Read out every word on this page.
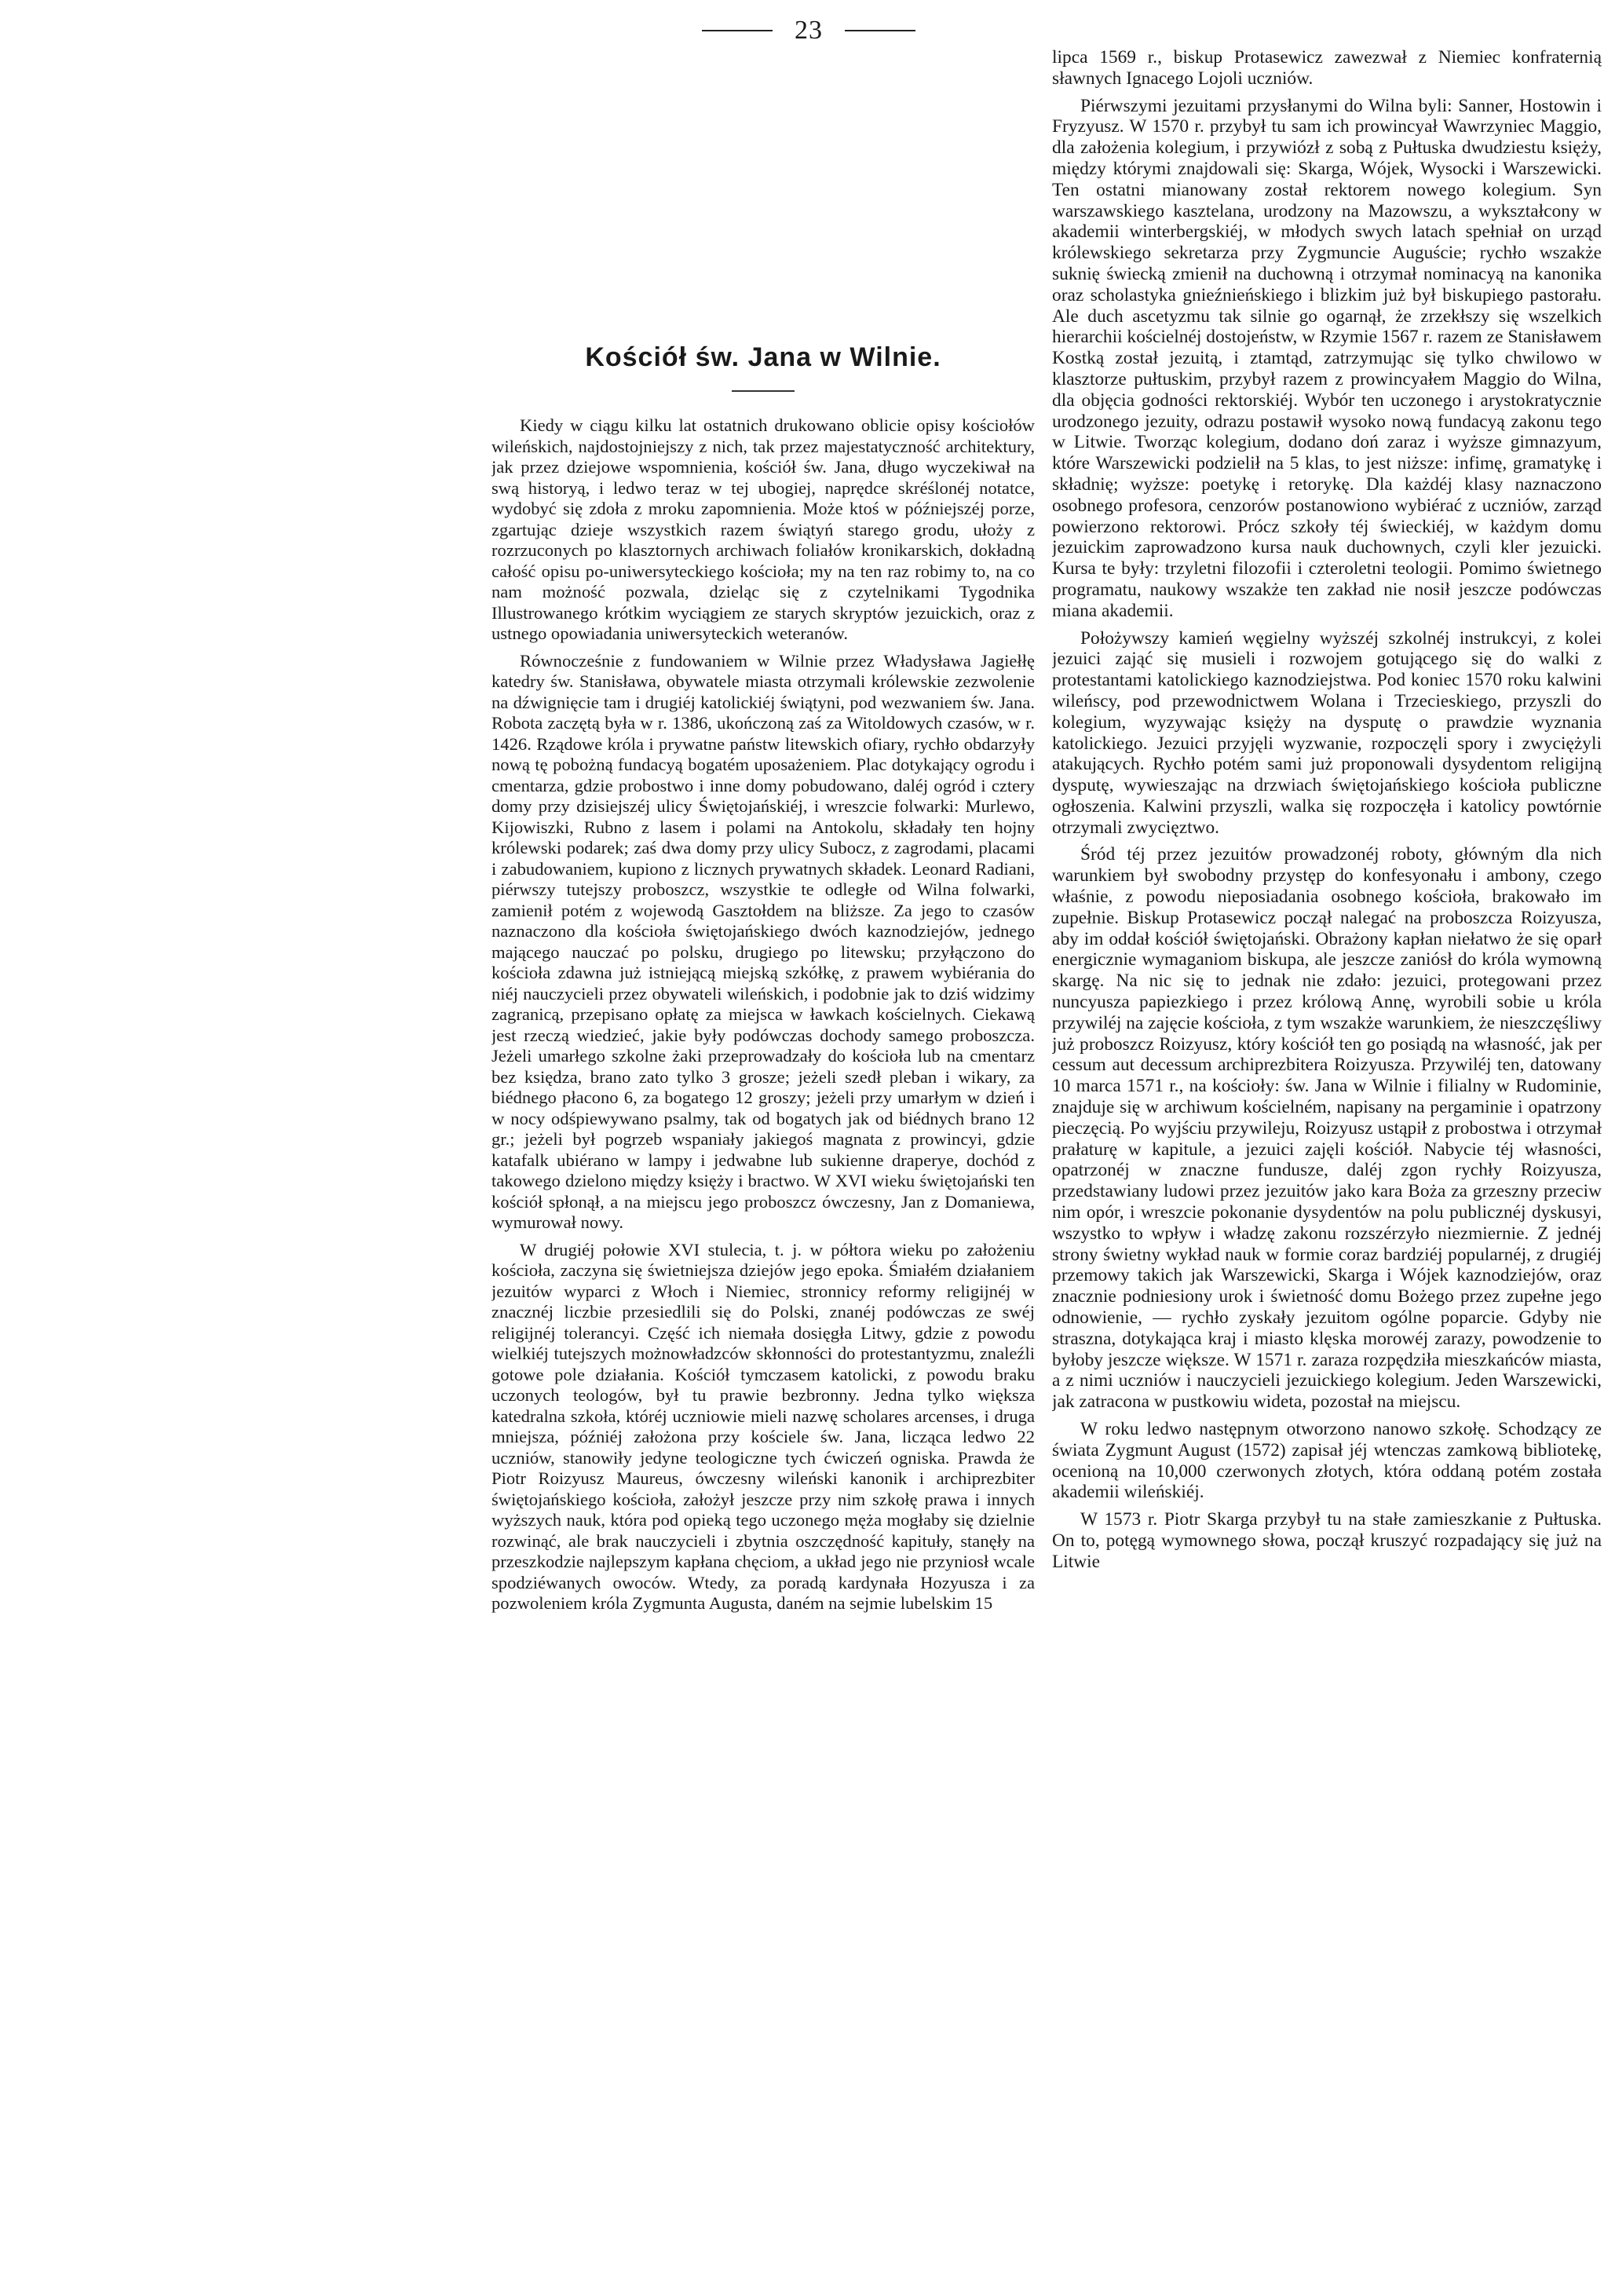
23
Kościół św. Jana w Wilnie.

Kiedy w ciągu kilku lat ostatnich drukowano oblicie opisy kościołów wileńskich, najdostojniejszy z nich, tak przez majestatyczność architektury, jak przez dziejowe wspomnienia, kościół św. Jana, długo wyczekiwał na swą historyą, i ledwo teraz w tej ubogiej, naprędce skréślonéj notatce, wydobyć się zdoła z mroku zapomnienia. Może ktoś w późniejszéj porze, zgartując dzieje wszystkich razem świątyń starego grodu, ułoży z rozrzuconych po klasztornych archiwach foliałów kronikarskich, dokładną całość opisu po-uniwersyteckiego kościoła; my na ten raz robimy to, na co nam możność pozwala, dzieląc się z czytelnikami Tygodnika Illustrowanego krótkim wyciągiem ze starych skryptów jezuickich, oraz z ustnego opowiadania uniwersyteckich weteranów.

Równocześnie z fundowaniem w Wilnie przez Władysława Jagiełłę katedry św. Stanisława, obywatele miasta otrzymali królewskie zezwolenie na dźwignięcie tam i drugiéj katolickiéj świątyni, pod wezwaniem św. Jana. Robota zaczętą była w r. 1386, ukończoną zaś za Witoldowych czasów, w r. 1426. Rządowe króla i prywatne państw litewskich ofiary, rychło obdarzyły nową tę pobożną fundacyą bogatém uposażeniem. Plac dotykający ogrodu i cmentarza, gdzie probostwo i inne domy pobudowano, daléj ogród i cztery domy przy dzisiejszéj ulicy Świętojańskiéj, i wreszcie folwarki: Murlewo, Kijowiszki, Rubno z lasem i polami na Antokolu, składały ten hojny królewski podarek; zaś dwa domy przy ulicy Subocz, z zagrodami, placami i zabudowaniem, kupiono z licznych prywatnych składek. Leonard Radiani, piérwszy tutejszy proboszcz, wszystkie te odległe od Wilna folwarki, zamienił potém z wojewodą Gasztołdem na bliższe. Za jego to czasów naznaczono dla kościoła świętojańskiego dwóch kaznodziejów, jednego mającego nauczać po polsku, drugiego po litewsku; przyłączono do kościoła zdawna już istniejącą miejską szkółkę, z prawem wybiérania do niéj nauczycieli przez obywateli wileńskich, i podobnie jak to dziś widzimy zagranicą, przepisano opłatę za miejsca w ławkach kościelnych. Ciekawą jest rzeczą wiedzieć, jakie były podówczas dochody samego proboszcza. Jeżeli umarłego szkolne żaki przeprowadzały do kościoła lub na cmentarz bez księdza, brano zato tylko 3 grosze; jeżeli szedł pleban i wikary, za biédnego płacono 6, za bogatego 12 groszy; jeżeli przy umarłym w dzień i w nocy odśpiewywano psalmy, tak od bogatych jak od biédnych brano 12 gr.; jeżeli był pogrzeb wspaniały jakiegoś magnata z prowincyi, gdzie katafalk ubiérano w lampy i jedwabne lub sukienne draperye, dochód z takowego dzielono między księży i bractwo. W XVI wieku świętojański ten kościół spłonął, a na miejscu jego proboszcz ówczesny, Jan z Domaniewa, wymurował nowy.

W drugiéj połowie XVI stulecia, t. j. w półtora wieku po założeniu kościoła, zaczyna się świetniejsza dziejów jego epoka. Śmiałém działaniem jezuitów wyparci z Włoch i Niemiec, stronnicy reformy religijnéj w znacznéj liczbie przesiedlili się do Polski, znanéj podówczas ze swéj religijnéj tolerancyi. Część ich niemała dosięgła Litwy, gdzie z powodu wielkiéj tutejszych możnowładzców skłonności do protestantyzmu, znaleźli gotowe pole działania. Kościół tymczasem katolicki, z powodu braku uczonych teologów, był tu prawie bezbronny. Jedna tylko większa katedralna szkoła, któréj uczniowie mieli nazwę scholares arcenses, i druga mniejsza, późniéj założona przy kościele św. Jana, licząca ledwo 22 uczniów, stanowiły jedyne teologiczne tych ćwiczeń ogniska. Prawda że Piotr Roizyusz Maureus, ówczesny wileński kanonik i archiprezbiter świętojańskiego kościoła, założył jeszcze przy nim szkołę prawa i innych wyższych nauk, która pod opieką tego uczonego męża mogłaby się dzielnie rozwinąć, ale brak nauczycieli i zbytnia oszczędność kapituły, stanęły na przeszkodzie najlepszym kapłana chęciom, a układ jego nie przyniosł wcale spodziéwanych owoców. Wtedy, za poradą kardynała Hozyusza i za pozwoleniem króla Zygmunta Augusta, daném na sejmie lubelskim 15

lipca 1569 r., biskup Protasewicz zawezwał z Niemiec konfraternią sławnych Ignacego Lojoli uczniów.

Piérwszymi jezuitami przysłanymi do Wilna byli: Sanner, Hostowin i Fryzyusz. W 1570 r. przybył tu sam ich prowincyał Wawrzyniec Maggio, dla założenia kolegium, i przywiózł z sobą z Pułtuska dwudziestu księży, między którymi znajdowali się: Skarga, Wójek, Wysocki i Warszewicki. Ten ostatni mianowany został rektorem nowego kolegium. Syn warszawskiego kasztelana, urodzony na Mazowszu, a wykształcony w akademii winterbergskiéj, w młodych swych latach spełniał on urząd królewskiego sekretarza przy Zygmuncie Auguście; rychło wszakże suknię świecką zmienił na duchowną i otrzymał nominacyą na kanonika oraz scholastyka gnieźnieńskiego i blizkim już był biskupiego pastorału. Ale duch ascetyzmu tak silnie go ogarnął, że zrzekłszy się wszelkich hierarchii kościelnéj dostojeństw, w Rzymie 1567 r. razem ze Stanisławem Kostką został jezuitą, i ztamtąd, zatrzymując się tylko chwilowo w klasztorze pułtuskim, przybył razem z prowincyałem Maggio do Wilna, dla objęcia godności rektorskiéj. Wybór ten uczonego i arystokratycznie urodzonego jezuity, odrazu postawił wysoko nową fundacyą zakonu tego w Litwie. Tworząc kolegium, dodano doń zaraz i wyższe gimnazyum, które Warszewicki podzielił na 5 klas, to jest niższe: infimę, gramatykę i składnię; wyższe: poetykę i retorykę. Dla każdéj klasy naznaczono osobnego profesora, cenzorów postanowiono wybiérać z uczniów, zarząd powierzono rektorowi. Prócz szkoły téj świeckiéj, w każdym domu jezuickim zaprowadzono kursa nauk duchownych, czyli kler jezuicki. Kursa te były: trzyletni filozofii i czteroletni teologii. Pomimo świetnego programatu, naukowy wszakże ten zakład nie nosił jeszcze podówczas miana akademii.

Położywszy kamień węgielny wyższéj szkolnéj instrukcyi, z kolei jezuici zająć się musieli i rozwojem gotującego się do walki z protestantami katolickiego kaznodziejstwa. Pod koniec 1570 roku kalwini wileńscy, pod przewodnictwem Wolana i Trzecieskiego, przyszli do kolegium, wyzywając księży na dysputę o prawdzie wyznania katolickiego. Jezuici przyjęli wyzwanie, rozpoczęli spory i zwyciężyli atakujących. Rychło potém sami już proponowali dysydentom religijną dysputę, wywieszając na drzwiach świętojańskiego kościoła publiczne ogłoszenia. Kalwini przyszli, walka się rozpoczęła i katolicy powtórnie otrzymali zwycięztwo.

Śród téj przez jezuitów prowadzonéj roboty, główným dla nich warunkiem był swobodny przystęp do konfesyonału i ambony, czego właśnie, z powodu nieposiadania osobnego kościoła, brakowało im zupełnie. Biskup Protasewicz począł nalegać na proboszcza Roizyusza, aby im oddał kościół świętojański. Obrażony kapłan niełatwo że się oparł energicznie wymaganiom biskupa, ale jeszcze zaniósł do króla wymowną skargę. Na nic się to jednak nie zdało: jezuici, protegowani przez nuncyusza papiezkiego i przez królową Annę, wyrobili sobie u króla przywiléj na zajęcie kościoła, z tym wszakże warunkiem, że nieszczęśliwy już proboszcz Roizyusz, który kościół ten go posiądą na własność, jak per cessum aut decessum archiprezbitera Roizyusza. Przywiléj ten, datowany 10 marca 1571 r., na kościoły: św. Jana w Wilnie i filialny w Rudominie, znajduje się w archiwum kościelném, napisany na pergaminie i opatrzony pieczęcią. Po wyjściu przywileju, Roizyusz ustąpił z probostwa i otrzymał prałaturę w kapitule, a jezuici zajęli kościół. Nabycie téj własności, opatrzonéj w znaczne fundusze, daléj zgon rychły Roizyusza, przedstawiany ludowi przez jezuitów jako kara Boża za grzeszny przeciw nim opór, i wreszcie pokonanie dysydentów na polu publicznéj dyskusyi, wszystko to wpływ i władzę zakonu rozszérzyło niezmiernie. Z jednéj strony świetny wykład nauk w formie coraz bardziéj popularnéj, z drugiéj przemowy takich jak Warszewicki, Skarga i Wójek kaznodziejów, oraz znacznie podniesiony urok i świetność domu Bożego przez zupełne jego odnowienie, — rychło zyskały jezuitom ogólne poparcie. Gdyby nie straszna, dotykająca kraj i miasto klęska morowéj zarazy, powodzenie to byłoby jeszcze większe. W 1571 r. zaraza rozpędziła mieszkańców miasta, a z nimi uczniów i nauczycieli jezuickiego kolegium. Jeden Warszewicki, jak zatracona w pustkowiu wideta, pozostał na miejscu.

W roku ledwo następnym otworzono nanowo szkołę. Schodzący ze świata Zygmunt August (1572) zapisał jéj wtenczas zamkową bibliotekę, ocenioną na 10,000 czerwonych złotych, która oddaną potém została akademii wileńskiéj.

W 1573 r. Piotr Skarga przybył tu na stałe zamieszkanie z Pułtuska. On to, potęgą wymownego słowa, począł kruszyć rozpadający się już na Litwie
